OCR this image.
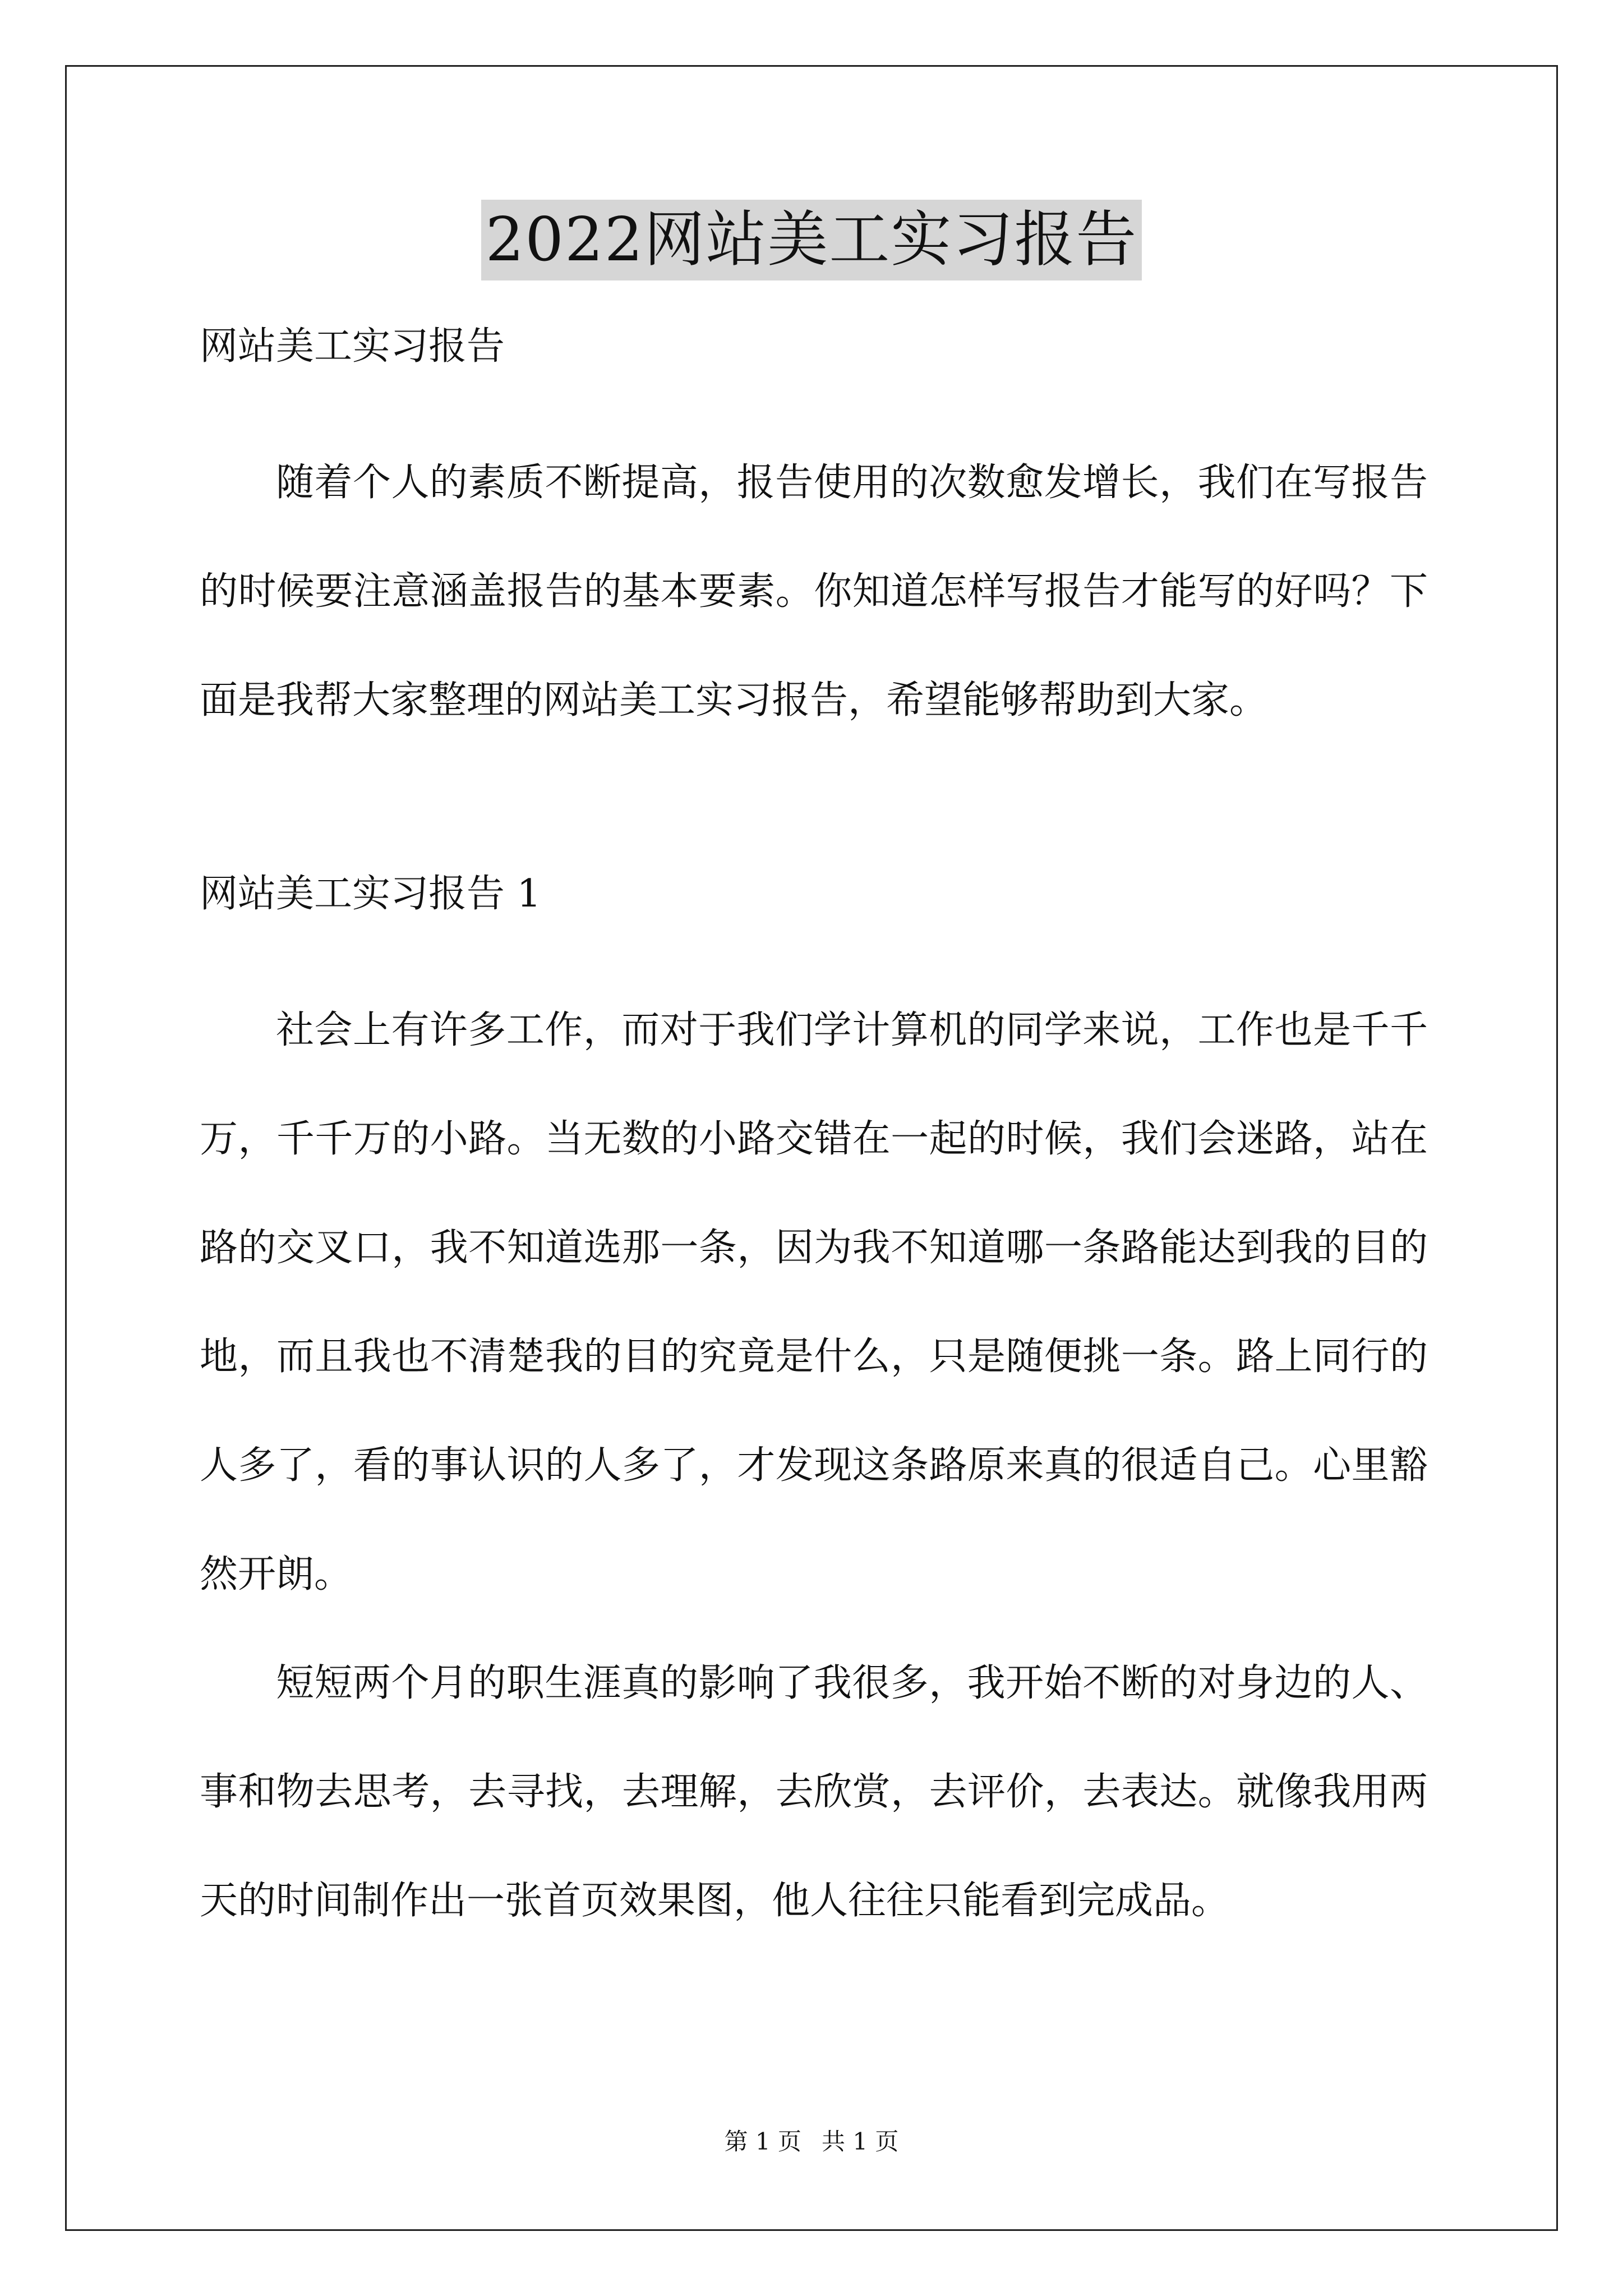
2022网站美工实习报告

网站美工实习报告

随着个人的素质不断提高，报告使用的次数愈发增长，我们在写报告的时候要注意涵盖报告的基本要素。你知道怎样写报告才能写的好吗？下面是我帮大家整理的网站美工实习报告，希望能够帮助到大家。

网站美工实习报告 1

社会上有许多工作，而对于我们学计算机的同学来说，工作也是千千万，千千万的小路。当无数的小路交错在一起的时候，我们会迷路，站在路的交叉口，我不知道选那一条，因为我不知道哪一条路能达到我的目的地，而且我也不清楚我的目的究竟是什么，只是随便挑一条。路上同行的人多了，看的事认识的人多了，才发现这条路原来真的很适自己。心里豁然开朗。

短短两个月的职生涯真的影响了我很多，我开始不断的对身边的人、事和物去思考，去寻找，去理解，去欣赏，去评价，去表达。就像我用两天的时间制作出一张首页效果图，他人往往只能看到完成品。

第 1 页 共 1 页
